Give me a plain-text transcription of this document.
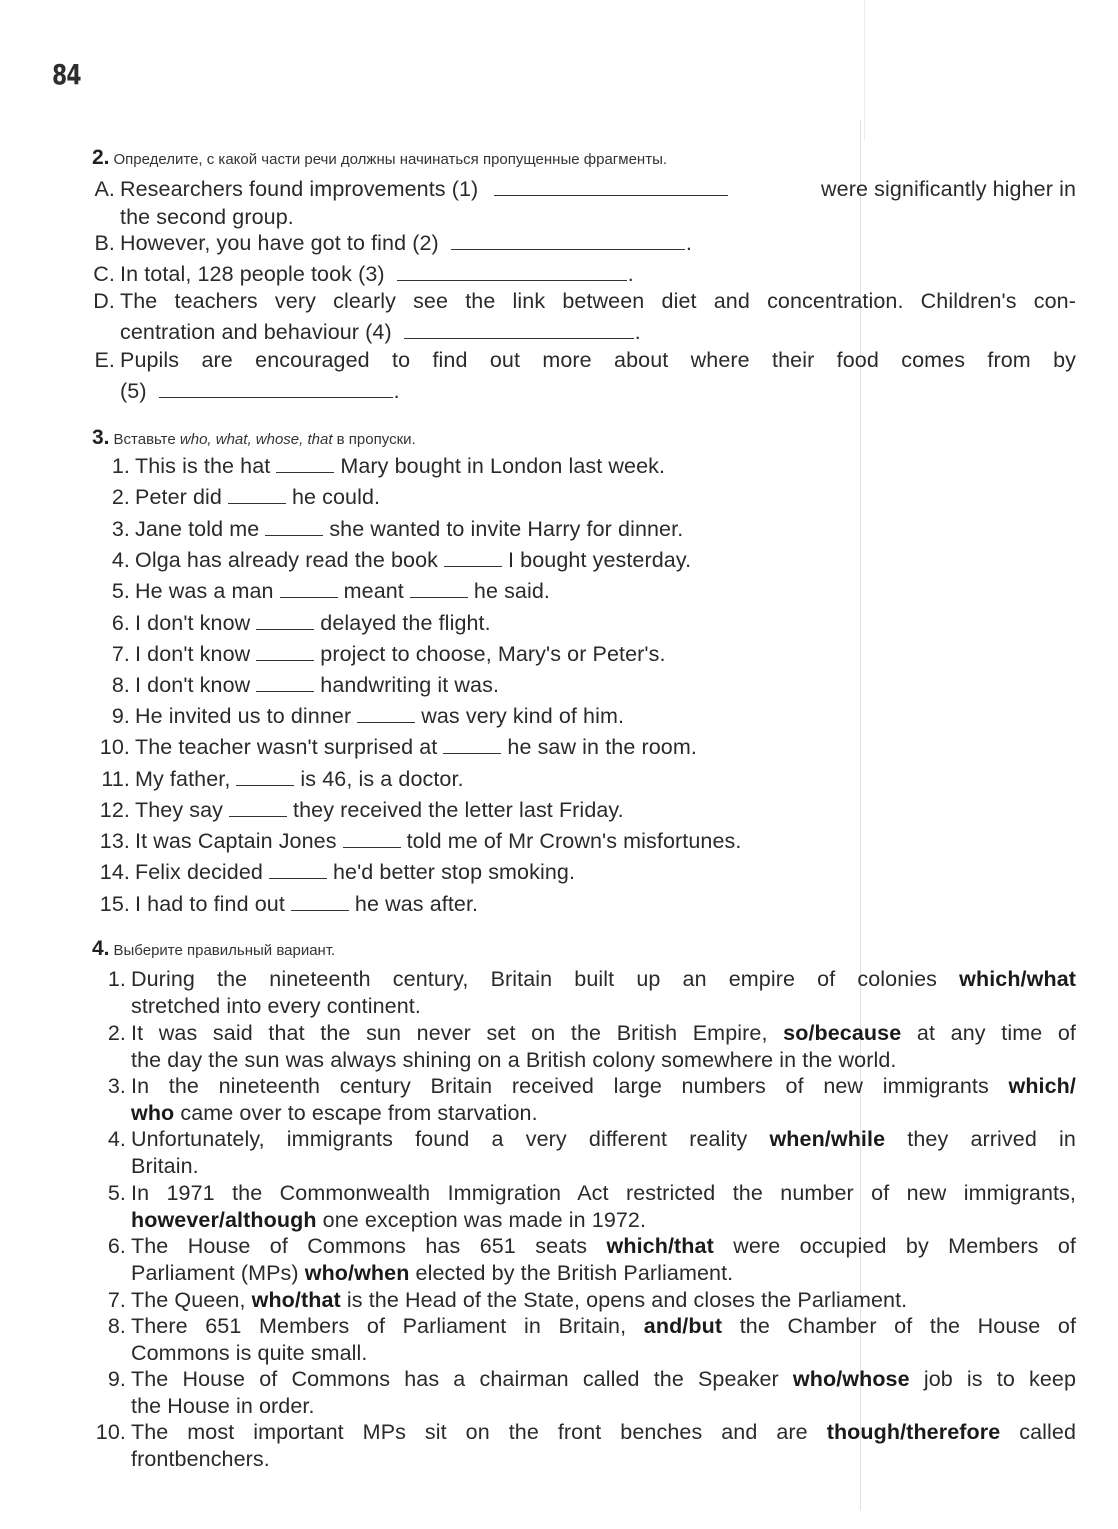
84
2. Определите, с какой части речи должны начинаться пропущенные фрагменты.
A. Researchers found improvements (1)	were significantly higher in
the second group.
B. However, you have got to find (2)	.
C. In total, 128 people took (3)	.
D. The teachers very clearly see the link between diet and concentration. Children's con-
centration and behaviour (4)	.
E. Pupils are encouraged to find out more about where their food comes from by
(5)	.
3. Вставьте who, what, whose, that в пропуски.
1. This is the hat	Mary bought in London last week.
2. Peter did	he could.
3. Jane told me	she wanted to invite Harry for dinner.
4. Olga has already read the book	I bought yesterday.
5. He was a man	meant	he said.
6. I don't know	delayed the flight.
7. I don't know	project to choose, Mary's or Peter's.
8. I don't know	handwriting it was.
9. He invited us to dinner	was very kind of him.
10. The teacher wasn't surprised at	he saw in the room.
11. My father,	is 46, is a doctor.
12. They say	they received the letter last Friday.
13. It was Captain Jones	told me of Mr Crown's misfortunes.
14. Felix decided	he'd better stop smoking.
15. I had to find out	he was after.
4. Выберите правильный вариант.
1. During the nineteenth century, Britain built up an empire of colonies which/what
stretched into every continent.
2. It was said that the sun never set on the British Empire, so/because at any time of
the day the sun was always shining on a British colony somewhere in the world.
3. In the nineteenth century Britain received large numbers of new immigrants which/
who came over to escape from starvation.
4. Unfortunately, immigrants found a very different reality when/while they arrived in
Britain.
5. In 1971 the Commonwealth Immigration Act restricted the number of new immigrants,
however/although one exception was made in 1972.
6. The House of Commons has 651 seats which/that were occupied by Members of
Parliament (MPs) who/when elected by the British Parliament.
7. The Queen, who/that is the Head of the State, opens and closes the Parliament.
8. There 651 Members of Parliament in Britain, and/but the Chamber of the House of
Commons is quite small.
9. The House of Commons has a chairman called the Speaker who/whose job is to keep
the House in order.
10. The most important MPs sit on the front benches and are though/therefore called
frontbenchers.
